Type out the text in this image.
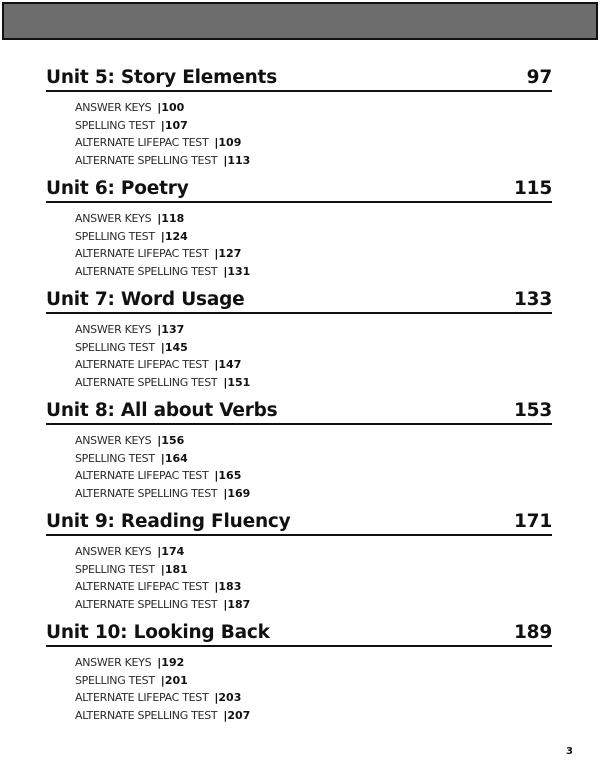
Unit 5: Story Elements	97
ANSWER KEYS |100
SPELLING TEST |107
ALTERNATE LIFEPAC TEST |109
ALTERNATE SPELLING TEST |113
Unit 6: Poetry	115
ANSWER KEYS |118
SPELLING TEST |124
ALTERNATE LIFEPAC TEST |127
ALTERNATE SPELLING TEST |131
Unit 7: Word Usage	133
ANSWER KEYS |137
SPELLING TEST |145
ALTERNATE LIFEPAC TEST |147
ALTERNATE SPELLING TEST |151
Unit 8: All about Verbs	153
ANSWER KEYS |156
SPELLING TEST |164
ALTERNATE LIFEPAC TEST |165
ALTERNATE SPELLING TEST |169
Unit 9: Reading Fluency	171
ANSWER KEYS |174
SPELLING TEST |181
ALTERNATE LIFEPAC TEST |183
ALTERNATE SPELLING TEST |187
Unit 10: Looking Back	189
ANSWER KEYS |192
SPELLING TEST |201
ALTERNATE LIFEPAC TEST |203
ALTERNATE SPELLING TEST |207
3
